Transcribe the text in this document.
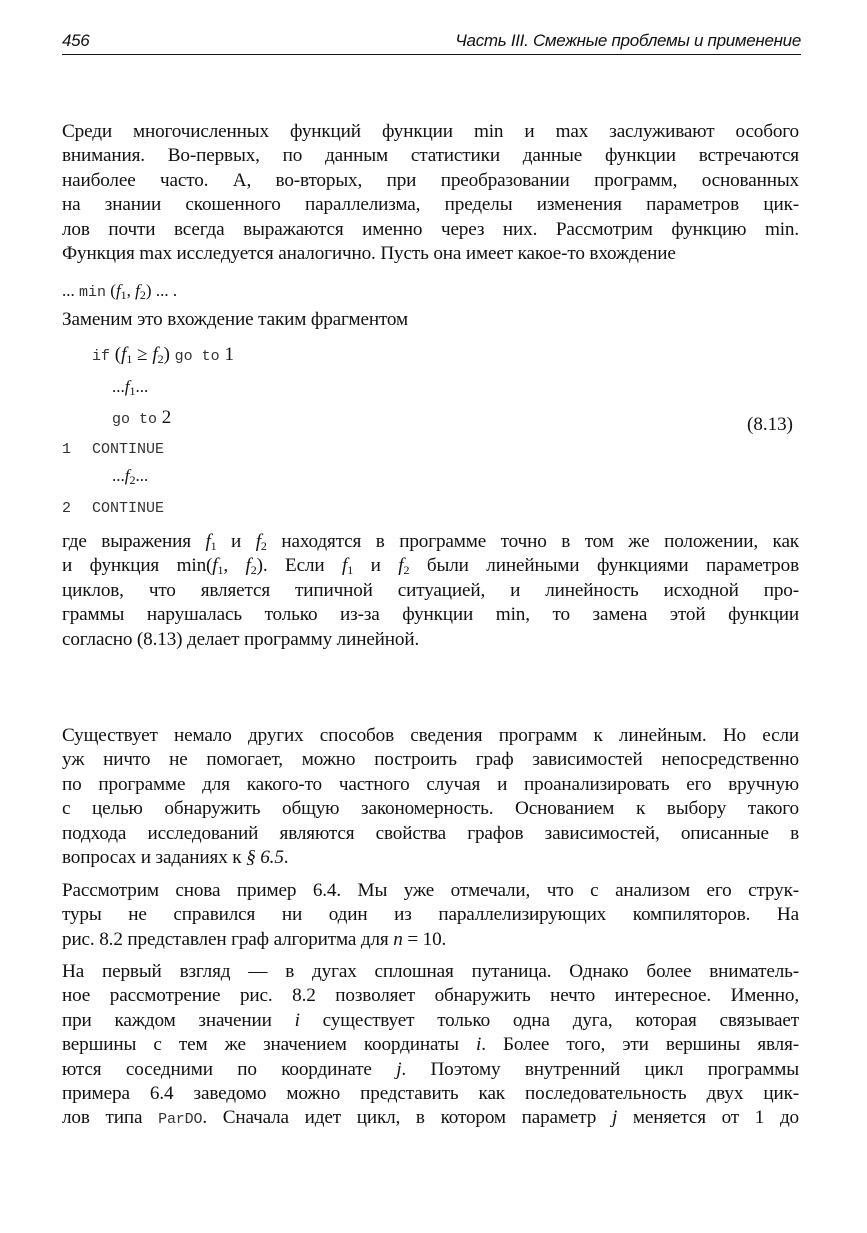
456	Часть III. Смежные проблемы и применение
Среди многочисленных функций функции min и max заслуживают особого
внимания. Во-первых, по данным статистики данные функции встречаются
наиболее часто. А, во-вторых, при преобразовании программ, основанных
на знании скошенного параллелизма, пределы изменения параметров цик-
лов почти всегда выражаются именно через них. Рассмотрим функцию min.
Функция max исследуется аналогично. Пусть она имеет какое-то вхождение
... $\min (f_1$, $f_2$) ... .
Заменим это вхождение таким фрагментом
if $(f_1 \ge f_2)$ go to 1
$...f_1$...
go to 2
1 CONTINUE
$...f_2$...
2 CONTINUE
(8.13)
где выражения $f_1$ и $f_2$ находятся в программе точно в том же положении, как
и функция $\min(f_1$, $f_2$). Если $f_1$ и $f_2$ были линейными функциями параметров
циклов, что является типичной ситуацией, и линейность исходной про-
граммы нарушалась только из-за функции min, то замена этой функции
согласно (8.13) делает программу линейной.
Существует немало других способов сведения программ к линейным. Но если
уж ничто не помогает, можно построить граф зависимостей непосредственно
по программе для какого-то частного случая и проанализировать его вручную
с целью обнаружить общую закономерность. Основанием к выбору такого
подхода исследований являются свойства графов зависимостей, описанные в
вопросах и заданиях к § 6.5.
Рассмотрим снова пример 6.4. Мы уже отмечали, что с анализом его струк-
туры не справился ни один из параллелизирующих компиляторов. На
рис. 8.2 представлен граф алгоритма для n = 10.
На первый взгляд — в дугах сплошная путаница. Однако более вниматель-
ное рассмотрение рис. 8.2 позволяет обнаружить нечто интересное. Именно,
при каждом значении i существует только одна дуга, которая связывает
вершины с тем же значением координаты i. Более того, эти вершины явля-
ются соседними по координате j. Поэтому внутренний цикл программы
примера 6.4 заведомо можно представить как последовательность двух цик-
лов типа ParDO. Сначала идет цикл, в котором параметр j меняется от 1 до
